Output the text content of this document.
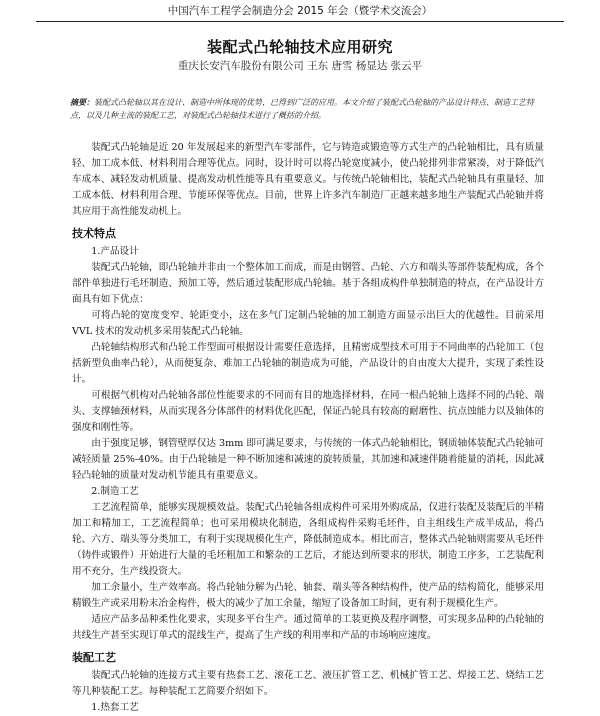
中国汽车工程学会制造分会 2015 年会（暨学术交流会）
装配式凸轮轴技术应用研究
重庆长安汽车股份有限公司 王东 唐雪 杨显达 张云平
摘要：装配式凸轮轴以其在设计、制造中所体现的优势，已得到广泛的应用。本文介绍了装配式凸轮轴的产品设计特点、制造工艺特点，以及几种主流的装配工艺，对装配式凸轮轴技术进行了概括的介绍。

装配式凸轮轴是近 20 年发展起来的新型汽车零部件，它与铸造或锻造等方式生产的凸轮轴相比，具有质量轻、加工成本低、材料利用合理等优点。同时，设计时可以将凸轮宽度减小，使凸轮排列非常紧凑，对于降低汽车成本、减轻发动机质量、提高发动机性能等具有重要意义。与传统凸轮轴相比，装配式凸轮轴具有重量轻、加工成本低、材料利用合理、节能环保等优点。目前，世界上许多汽车制造厂正越来越多地生产装配式凸轮轴并将其应用于高性能发动机上。

技术特点
1.产品设计

装配式凸轮轴，即凸轮轴并非由一个整体加工而成，而是由钢管、凸轮、六方和端头等部件装配构成，各个部件单独进行毛坯制造、预加工等，然后通过装配形成凸轮轴。基于各组成构件单独制造的特点，在产品设计方面具有如下优点：

可将凸轮的宽度变窄、轮距变小，这在多气门定制凸轮轴的加工制造方面显示出巨大的优越性。目前采用 VVL 技术的发动机多采用装配式凸轮轴。

凸轮轴结构形式和凸轮工作型面可根据设计需要任意选择，且精密成型技术可用于不同曲率的凸轮加工（包括新型负曲率凸轮），从而便复杂、难加工凸轮轴的制造成为可能，产品设计的自由度大大提升，实现了柔性设计。

可根据气机构对凸轮轴各部位性能要求的不同而有目的地选择材料，在同一根凸轮轴上选择不同的凸轮、端头、支撑轴颈材料，从而实现各分体部件的材料优化匹配，保证凸轮具有较高的耐磨性、抗点蚀能力以及轴体的强度和刚性等。

由于强度足够，钢管壁厚仅达 3mm 即可满足要求，与传统的一体式凸轮轴相比，钢质轴体装配式凸轮轴可减轻质量 25%-40%。由于凸轮轴是一种不断加速和减速的旋转质量，其加速和减速伴随着能量的消耗，因此减轻凸轮轴的质量对发动机节能具有重要意义。

2.制造工艺

工艺流程简单，能够实现规模效益。装配式凸轮轴各组成构件可采用外购成品，仅进行装配及装配后的半精加工和精加工，工艺流程简单；也可采用模块化制造，各组成构件采购毛坯件，自主组线生产成半成品，将凸轮、六方、端头等分类加工，有利于实现规模化生产，降低制造成本。相比而言，整体式凸轮轴则需要从毛坯件（铸件或锻件）开始进行大量的毛坯粗加工和繁杂的工艺后，才能达到所要求的形状，制造工序多，工艺装配利用不充分，生产线投资大。

加工余量小，生产效率高。将凸轮轴分解为凸轮、轴套、端头等各种结构件，使产品的结构简化，能够采用精锻生产或采用粉末冶金构件，极大的减少了加工余量，缩短了设备加工时间，更有利于规模化生产。

适应产品多品种柔性化要求，实现多平台生产。通过简单的工装更换及程序调整，可实现多品种的凸轮轴的共线生产甚至实现订单式的混线生产，提高了生产线的利用率和产品的市场响应速度。

装配工艺

装配式凸轮轴的连接方式主要有热套工艺、滚花工艺、液压扩管工艺、机械扩管工艺、焊接工艺、烧结工艺等几种装配工艺。每种装配工艺简要介绍如下。

1.热套工艺
